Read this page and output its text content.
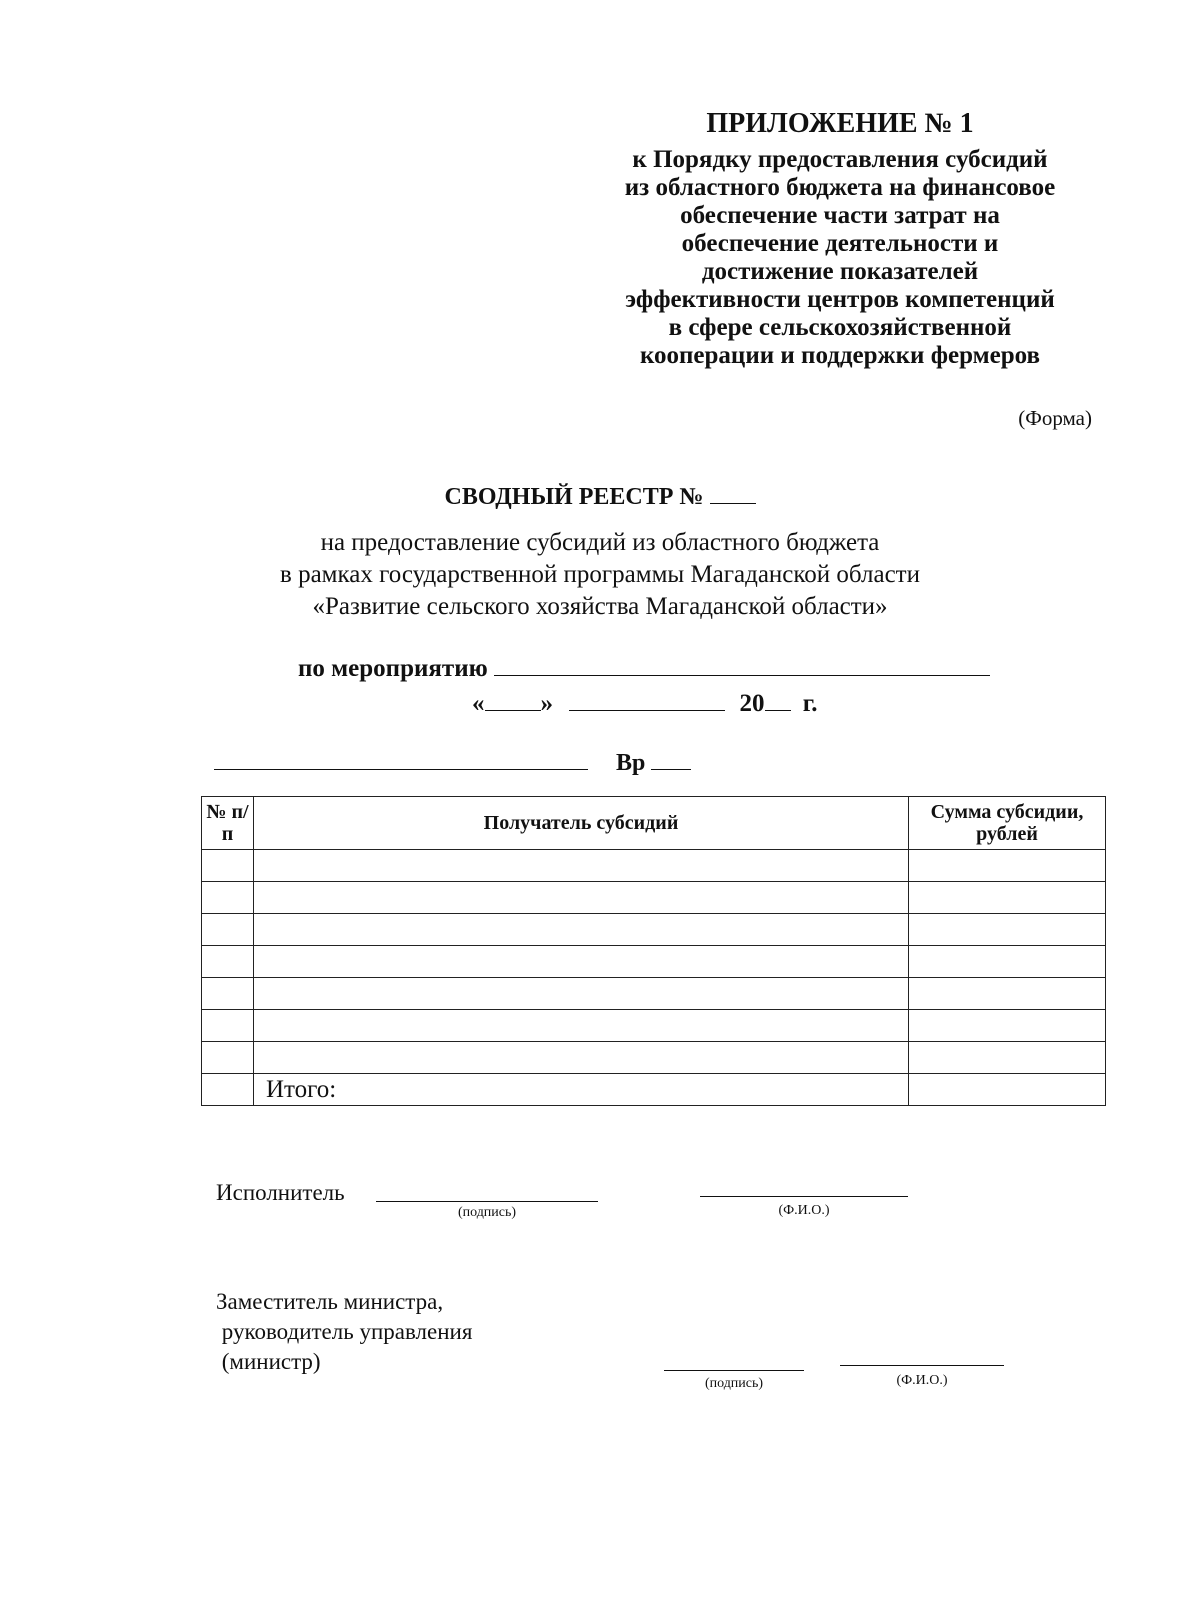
ПРИЛОЖЕНИЕ № 1
к Порядку предоставления субсидий
из областного бюджета на финансовое
обеспечение части затрат на
обеспечение деятельности и
достижение показателей
эффективности центров компетенций
в сфере сельскохозяйственной
кооперации и поддержки фермеров
(Форма)
СВОДНЫЙ РЕЕСТР №
на предоставление субсидий из областного бюджета
в рамках государственной программы Магаданской области
«Развитие сельского хозяйства Магаданской области»
по мероприятию
« »	20 г.
Вр
№ п/п	Получатель субсидий	Сумма субсидии, рублей

	Итого:	
Исполнитель
(подпись)	(Ф.И.О.)
Заместитель министра,
руководитель управления
(министр)
(подпись)	(Ф.И.О.)
